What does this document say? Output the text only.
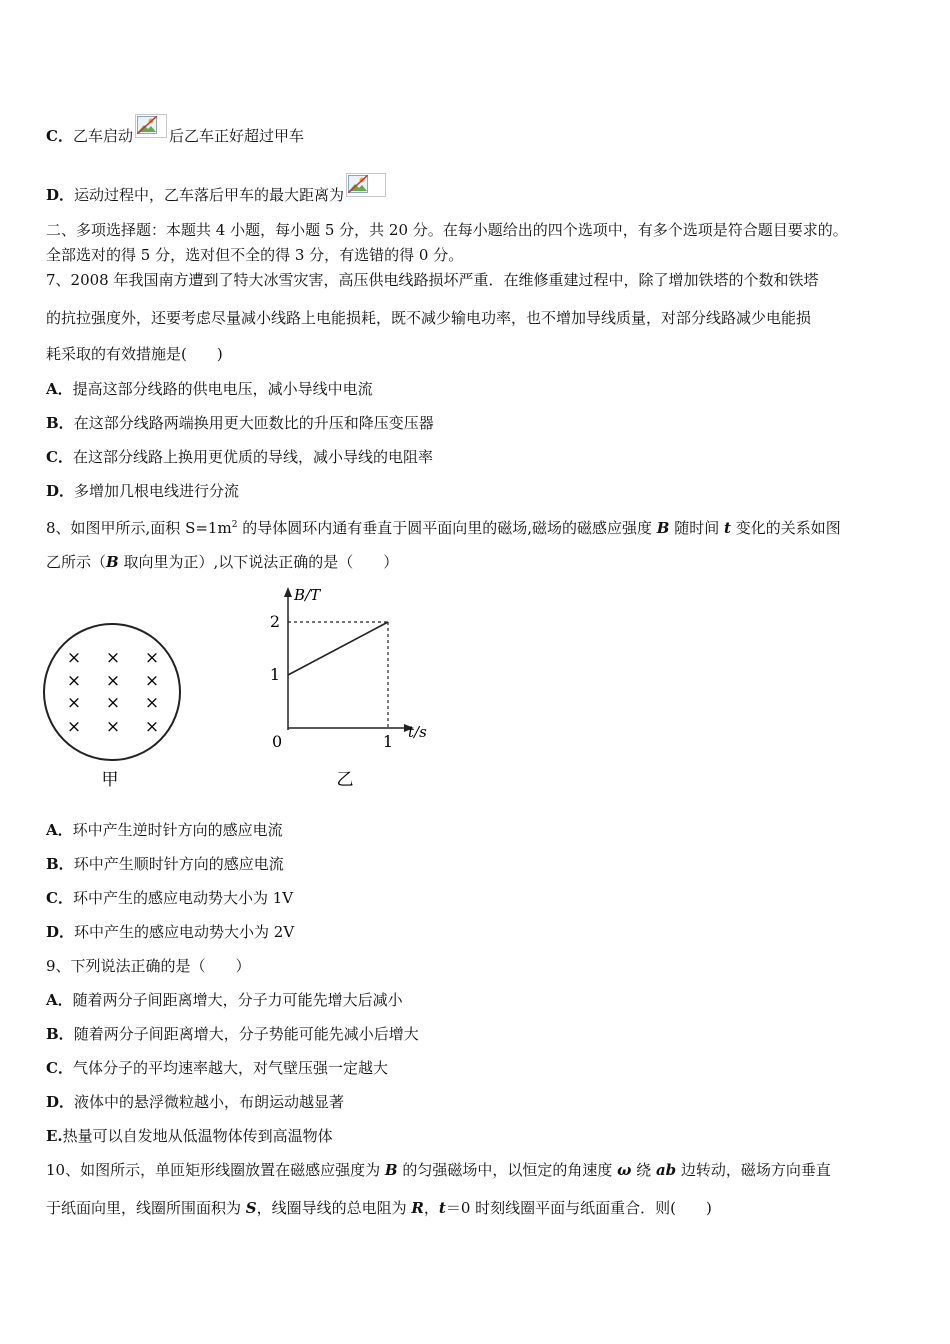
C．乙车启动 后乙车正好超过甲车
D．运动过程中，乙车落后甲车的最大距离为
二、多项选择题：本题共 4 小题，每小题 5 分，共 20 分。在每小题给出的四个选项中，有多个选项是符合题目要求的。
全部选对的得 5 分，选对但不全的得 3 分，有选错的得 0 分。
7、2008 年我国南方遭到了特大冰雪灾害，高压供电线路损坏严重．在维修重建过程中，除了增加铁塔的个数和铁塔
的抗拉强度外，还要考虑尽量减小线路上电能损耗，既不减少输电功率，也不增加导线质量，对部分线路减少电能损
耗采取的有效措施是(　　)
A．提高这部分线路的供电电压，减小导线中电流
B．在这部分线路两端换用更大匝数比的升压和降压变压器
C．在这部分线路上换用更优质的导线，减小导线的电阻率
D．多增加几根电线进行分流
8、如图甲所示,面积 $S=1m^2$ 的导体圆环内通有垂直于圆平面向里的磁场,磁场的磁感应强度 B 随时间 t 变化的关系如图
乙所示（B 取向里为正）,以下说法正确的是（　　）
× × ×
× × ×
× × ×
× × ×
甲
B/T
t/s
0
1
2
1
乙
A．环中产生逆时针方向的感应电流
B．环中产生顺时针方向的感应电流
C．环中产生的感应电动势大小为 1V
D．环中产生的感应电动势大小为 2V
9、下列说法正确的是（　　）
A．随着两分子间距离增大，分子力可能先增大后减小
B．随着两分子间距离增大，分子势能可能先减小后增大
C．气体分子的平均速率越大，对气壁压强一定越大
D．液体中的悬浮微粒越小，布朗运动越显著
E.热量可以自发地从低温物体传到高温物体
10、如图所示，单匝矩形线圈放置在磁感应强度为 B 的匀强磁场中，以恒定的角速度 ω 绕 ab 边转动，磁场方向垂直
于纸面向里，线圈所围面积为 S，线圈导线的总电阻为 R，t＝0 时刻线圈平面与纸面重合．则(　　)
